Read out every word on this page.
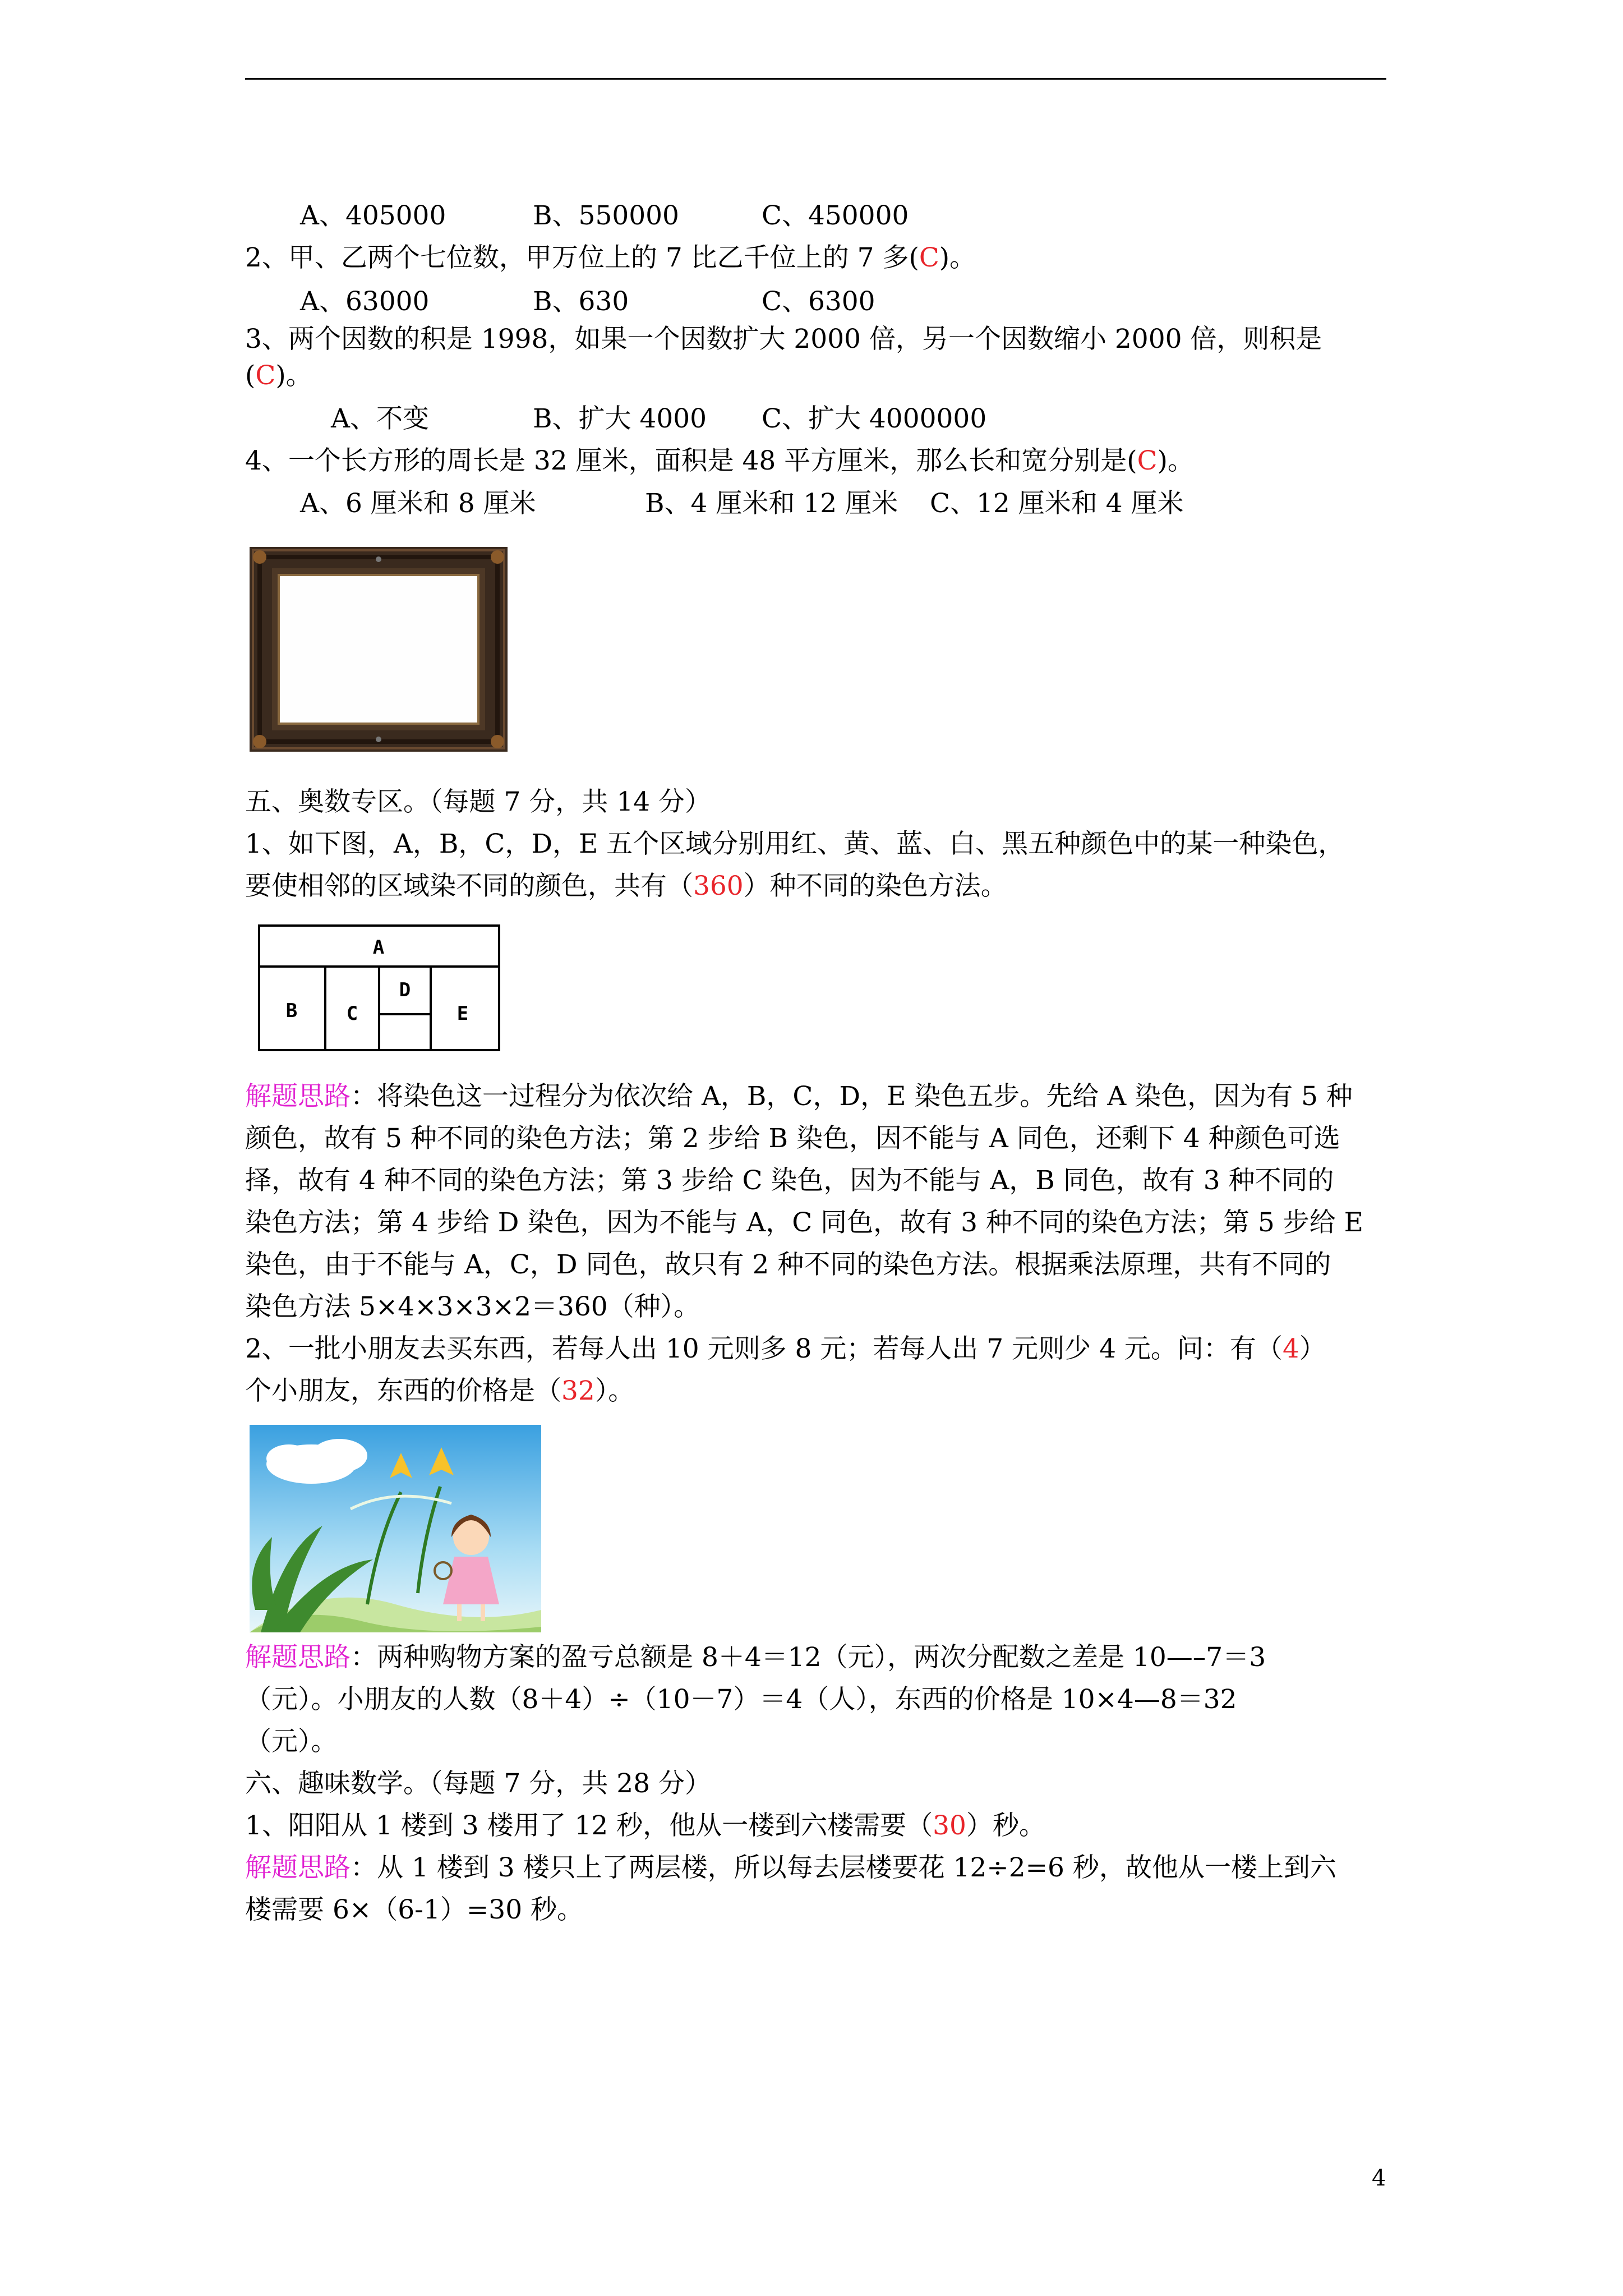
A、405000	B、550000	C、450000
2、甲、乙两个七位数，甲万位上的 7 比乙千位上的 7 多(C)。
A、63000	B、630	C、6300
3、两个因数的积是 1998，如果一个因数扩大 2000 倍，另一个因数缩小 2000 倍，则积是
(C)。
A、不变	B、扩大 4000 C、扩大 4000000
4、一个长方形的周长是 32 厘米，面积是 48 平方厘米，那么长和宽分别是(C)。
A、6 厘米和 8 厘米	B、4 厘米和 12 厘米 C、12 厘米和 4 厘米
五、奥数专区。（每题 7 分，共 14 分）
1、如下图，A，B，C，D，E 五个区域分别用红、黄、蓝、白、黑五种颜色中的某一种染色，
要使相邻的区域染不同的颜色，共有（360）种不同的染色方法。
A
B	C
D
E
解题思路：将染色这一过程分为依次给 A，B，C，D，E 染色五步。先给 A 染色，因为有 5 种
颜色，故有 5 种不同的染色方法；第 2 步给 B 染色，因不能与 A 同色，还剩下 4 种颜色可选
择，故有 4 种不同的染色方法；第 3 步给 C 染色，因为不能与 A，B 同色，故有 3 种不同的
染色方法；第 4 步给 D 染色，因为不能与 A，C 同色，故有 3 种不同的染色方法；第 5 步给 E
染色，由于不能与 A，C，D 同色，故只有 2 种不同的染色方法。根据乘法原理，共有不同的
染色方法 5×4×3×3×2＝360（种）。
2、一批小朋友去买东西，若每人出 10 元则多 8 元；若每人出 7 元则少 4 元。问：有（4）
个小朋友，东西的价格是（32）。
解题思路：两种购物方案的盈亏总额是 8＋4＝12（元），两次分配数之差是 10—–7＝3
（元）。小朋友的人数（8＋4）÷（10－7）＝4（人），东西的价格是 10×4—8＝32
（元）。
六、趣味数学。（每题 7 分，共 28 分）
1、阳阳从 1 楼到 3 楼用了 12 秒，他从一楼到六楼需要（30）秒。
解题思路：从 1 楼到 3 楼只上了两层楼，所以每去层楼要花 12÷2=6 秒，故他从一楼上到六
楼需要 6×（6-1）=30 秒。
4
